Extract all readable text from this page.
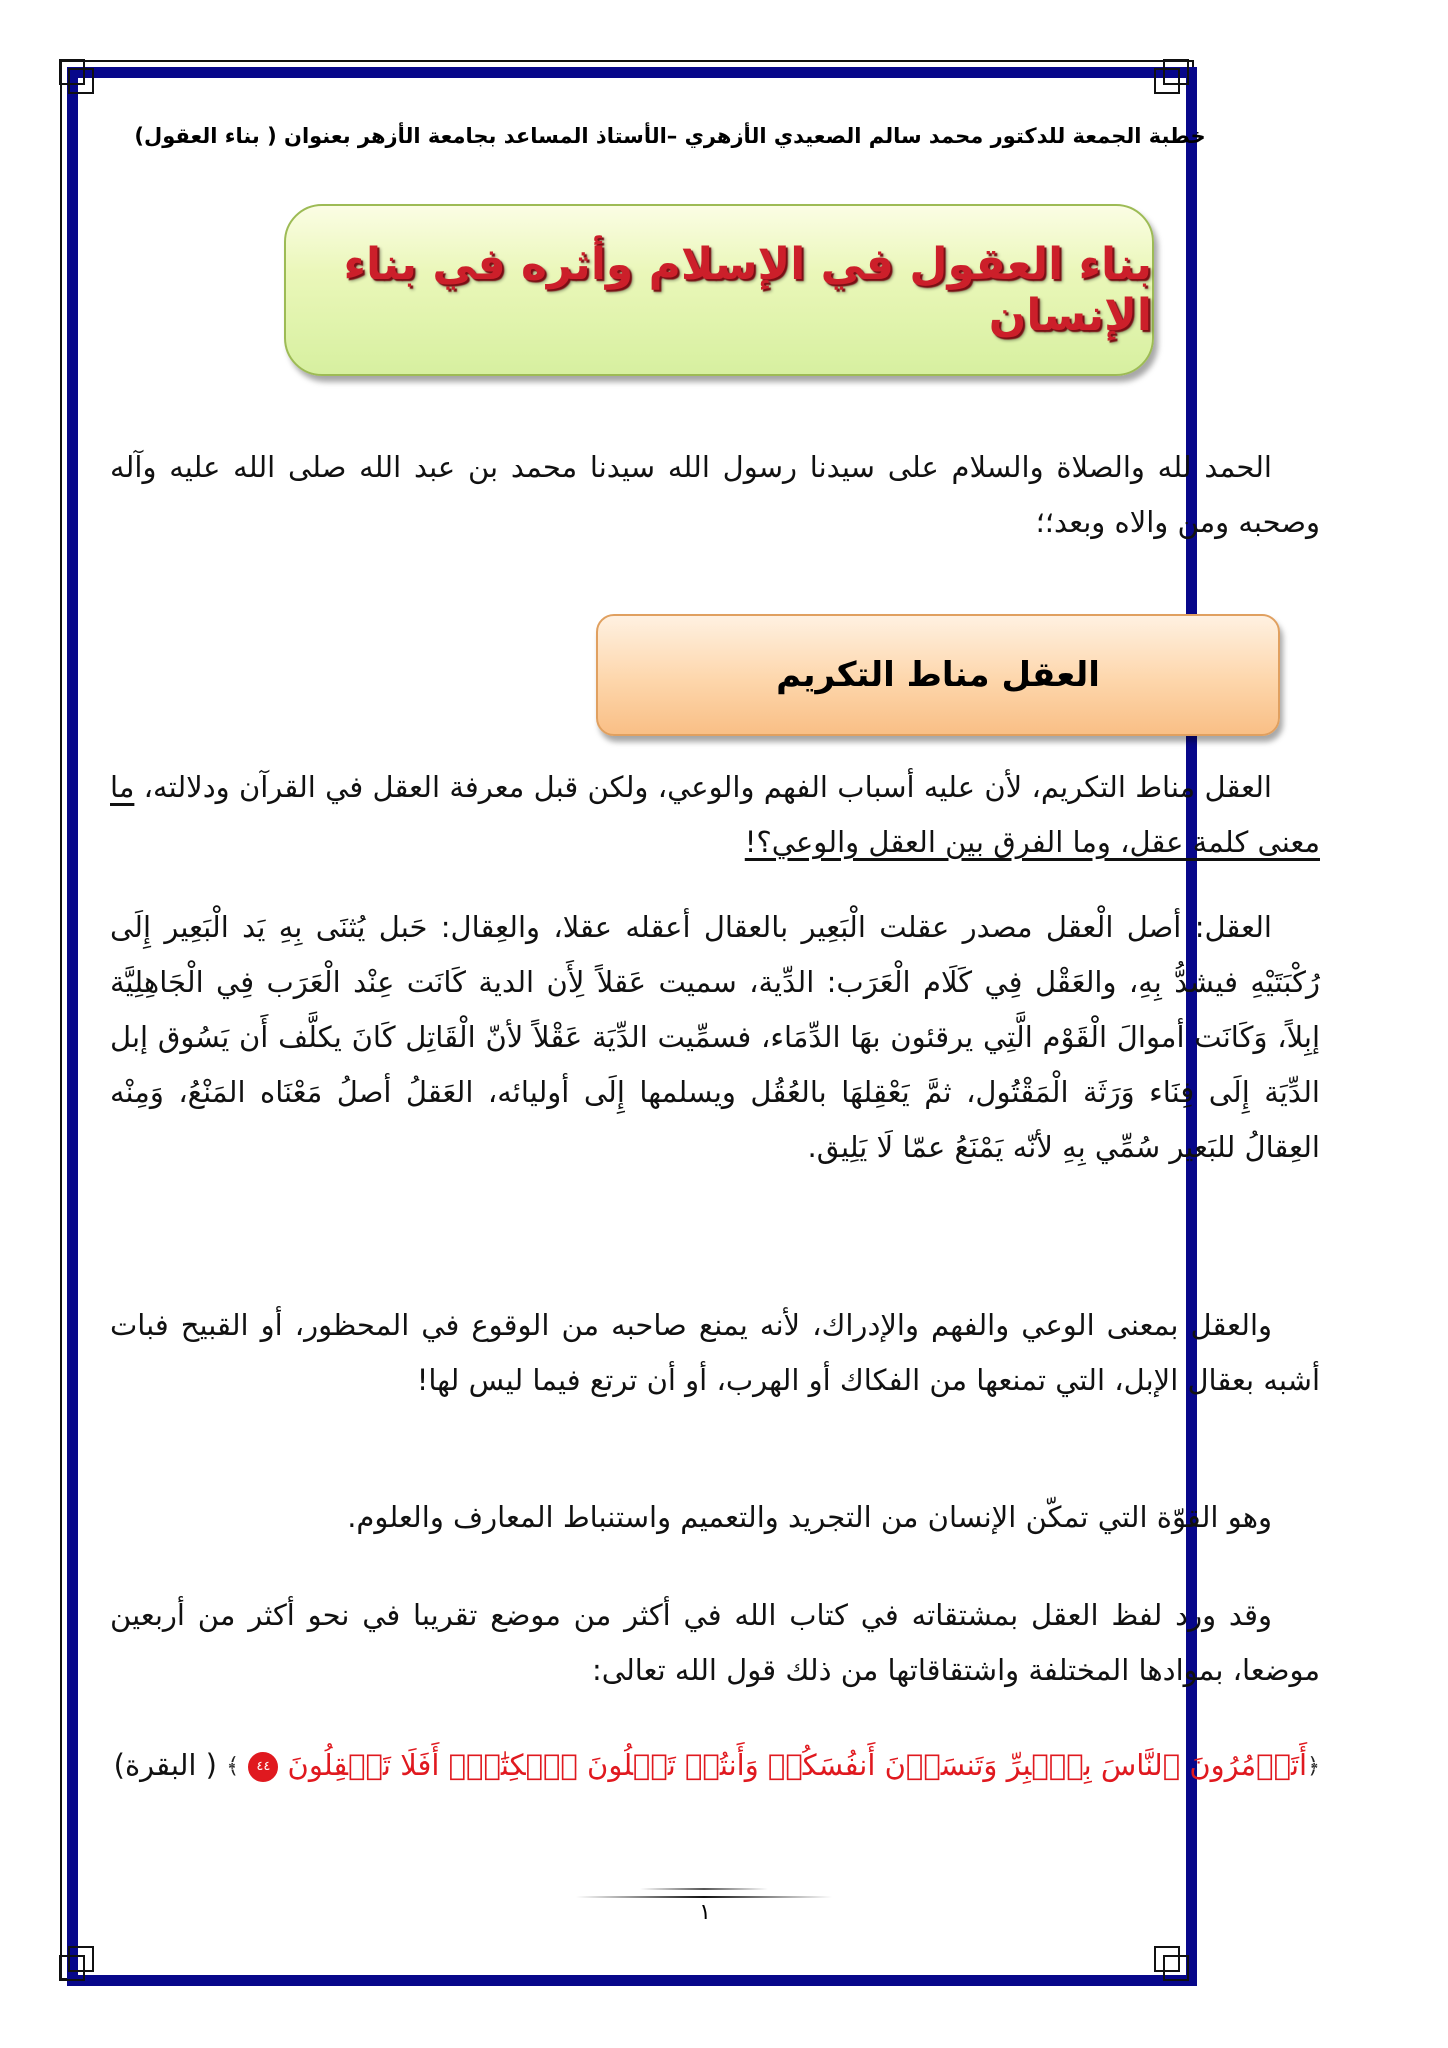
خطبة الجمعة للدكتور محمد سالم الصعيدي الأزهري –الأستاذ المساعد بجامعة الأزهر بعنوان ( بناء العقول)
بناء العقول في الإسلام وأثره في بناء الإنسان
الحمد لله والصلاة والسلام على سيدنا رسول الله سيدنا محمد بن عبد الله صلى الله عليه وآله وصحبه ومن والاه وبعد؛؛
العقل مناط التكريم
العقل مناط التكريم، لأن عليه أسباب الفهم والوعي، ولكن قبل معرفة العقل في القرآن ودلالته، ما معنى كلمة عقل، وما الفرق بين العقل والوعي؟!
العقل: أصل الْعقل مصدر عقلت الْبَعِير بالعقال أعقله عقلا، والعِقال: حَبل يُثنَى بِهِ يَد الْبَعِير إِلَى رُكْبَتَيْهِ فيشدُّ بِهِ، والعَقْل فِي كَلَام الْعَرَب: الدِّية، سميت عَقلاً لِأَن الدية كَانَت عِنْد الْعَرَب فِي الْجَاهِلِيَّة إبِلاً، وَكَانَت أموالَ الْقَوْم الَّتِي يرقئون بهَا الدِّمَاء، فسمِّيت الدِّيَة عَقْلاً لأنّ الْقَاتِل كَانَ يكلَّف أَن يَسُوق إبل الدِّيَة إِلَى فِنَاء وَرَثَة الْمَقْتُول، ثمَّ يَعْقِلهَا بالعُقُل ويسلمها إِلَى أوليائه، العَقلُ أصلُ مَعْنَاه المَنْعُ، وَمِنْه العِقالُ للبَعير سُمِّي بِهِ لأنّه يَمْنَعُ عمّا لَا يَلِيق.
والعقل بمعنى الوعي والفهم والإدراك، لأنه يمنع صاحبه من الوقوع في المحظور، أو القبيح فبات أشبه بعقال الإبل، التي تمنعها من الفكاك أو الهرب، أو أن ترتع فيما ليس لها!
وهو القوّة التي تمكّن الإنسان من التجريد والتعميم واستنباط المعارف والعلوم.
وقد ورد لفظ العقل بمشتقاته في كتاب الله في أكثر من موضع تقريبا في نحو أكثر من أربعين موضعا، بموادها المختلفة واشتقاقاتها من ذلك قول الله تعالى:
﴿أَتَأۡمُرُونَ ٱلنَّاسَ بِٱلۡبِرِّ وَتَنسَوۡنَ أَنفُسَكُمۡ وَأَنتُمۡ تَتۡلُونَ ٱلۡكِتَٰبَۚ أَفَلَا تَعۡقِلُونَ ٤٤ ﴾ ( البقرة)
١
